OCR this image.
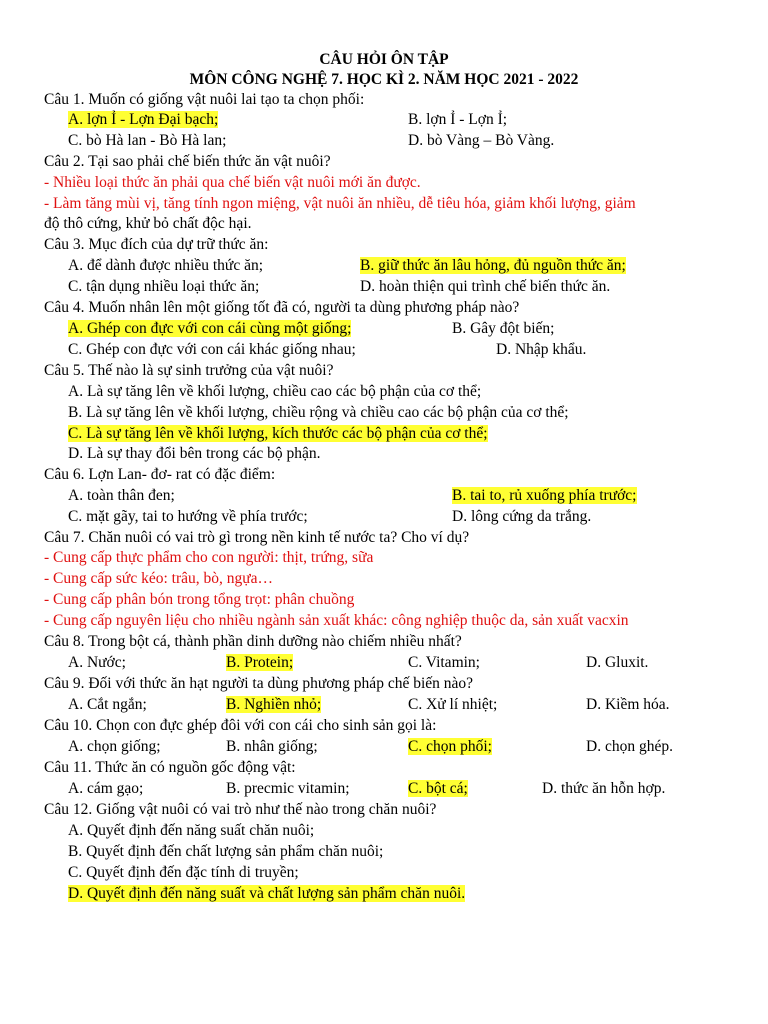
CÂU HỎI ÔN TẬP
MÔN CÔNG NGHỆ 7. HỌC KÌ 2. NĂM HỌC 2021 - 2022
Câu 1. Muốn có giống vật nuôi lai tạo ta chọn phối:
A. lợn Ỉ - Lợn Đại bạch;	B. lợn Ỉ - Lợn Ỉ;
C. bò Hà lan - Bò Hà lan;	D. bò Vàng – Bò Vàng.
Câu 2. Tại sao phải chế biến thức ăn vật nuôi?
- Nhiều loại thức ăn phải qua chế biến vật nuôi mới ăn được.
- Làm tăng mùi vị, tăng tính ngon miệng, vật nuôi ăn nhiều, dễ tiêu hóa, giảm khối lượng, giảm
độ thô cứng, khử bỏ chất độc hại.
Câu 3. Mục đích của dự trữ thức ăn:
A. để dành được nhiều thức ăn;	B. giữ thức ăn lâu hỏng, đủ nguồn thức ăn;
C. tận dụng nhiều loại thức ăn;	D. hoàn thiện qui trình chế biến thức ăn.
Câu 4. Muốn nhân lên một giống tốt đã có, người ta dùng phương pháp nào?
A. Ghép con đực với con cái cùng một giống;	B. Gây đột biến;
C. Ghép con đực với con cái khác giống nhau;	D. Nhập khẩu.
Câu 5. Thế nào là sự sinh trưởng của vật nuôi?
A. Là sự tăng lên về khối lượng, chiều cao các bộ phận của cơ thể;
B. Là sự tăng lên về khối lượng, chiều rộng và chiều cao các bộ phận của cơ thể;
C. Là sự tăng lên về khối lượng, kích thước các bộ phận của cơ thể;
D. Là sự thay đổi bên trong các bộ phận.
Câu 6. Lợn Lan- đơ- rat có đặc điểm:
A. toàn thân đen;	B. tai to, rủ xuống phía trước;
C. mặt gãy, tai to hướng về phía trước;	D. lông cứng da trắng.
Câu 7. Chăn nuôi có vai trò gì trong nền kinh tế nước ta? Cho ví dụ?
- Cung cấp thực phẩm cho con người: thịt, trứng, sữa
- Cung cấp sức kéo: trâu, bò, ngựa…
- Cung cấp phân bón trong tổng trọt: phân chuồng
- Cung cấp nguyên liệu cho nhiều ngành sản xuất khác: công nghiệp thuộc da, sản xuất vacxin
Câu 8. Trong bột cá, thành phần dinh dưỡng nào chiếm nhiều nhất?
A. Nước;	B. Protein;	C. Vitamin;	D. Gluxit.
Câu 9. Đối với thức ăn hạt người ta dùng phương pháp chế biến nào?
A. Cắt ngắn;	B. Nghiền nhỏ;	C. Xử lí nhiệt;	D. Kiềm hóa.
Câu 10. Chọn con đực ghép đôi với con cái cho sinh sản gọi là:
A. chọn giống;	B. nhân giống;	C. chọn phối;	D. chọn ghép.
Câu 11. Thức ăn có nguồn gốc động vật:
A. cám gạo;	B. precmic vitamin;	C. bột cá;	D. thức ăn hỗn hợp.
Câu 12. Giống vật nuôi có vai trò như thế nào trong chăn nuôi?
A. Quyết định đến năng suất chăn nuôi;
B. Quyết định đến chất lượng sản phẩm chăn nuôi;
C. Quyết định đến đặc tính di truyền;
D. Quyết định đến năng suất và chất lượng sản phẩm chăn nuôi.
